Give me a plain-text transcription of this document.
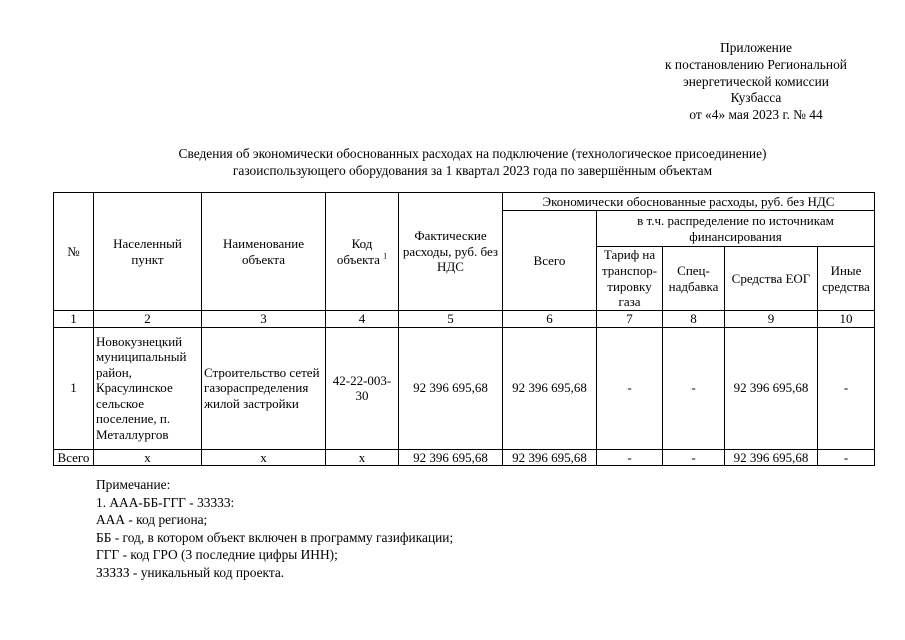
Приложение
к постановлению Региональной
энергетической комиссии
Кузбасса
от «4» мая 2023 г. № 44
Сведения об экономически обоснованных расходах на подключение (технологическое присоединение)
газоиспользующего оборудования за 1 квартал 2023 года по завершённым объектам
№	Населенный пункт	Наименование объекта	Код объекта $^1$	Фактические расходы, руб. без НДС	Экономически обоснованные расходы, руб. без НДС				
					Всего	в т.ч. распределение по источникам финансирования			
						Тариф на транспор-тировку газа	Спец-надбавка	Средства ЕОГ	Иные средства

1	2	3	4	5	6	7	8	9	10
1	Новокузнецкий муниципальный район, Красулинское сельское поселение, п. Металлургов	Строительство сетей газораспределения жилой застройки	42-22-003-30	92 396 695,68	92 396 695,68	-	-	92 396 695,68	-
Всего	x	x	x	92 396 695,68	92 396 695,68	-	-	92 396 695,68	-
Примечание:
1. ААА-ББ-ГГГ - 33333:
ААА - код региона;
ББ - год, в котором объект включен в программу газификации;
ГГГ - код ГРО (3 последние цифры ИНН);
ЗЗЗЗЗ - уникальный код проекта.
